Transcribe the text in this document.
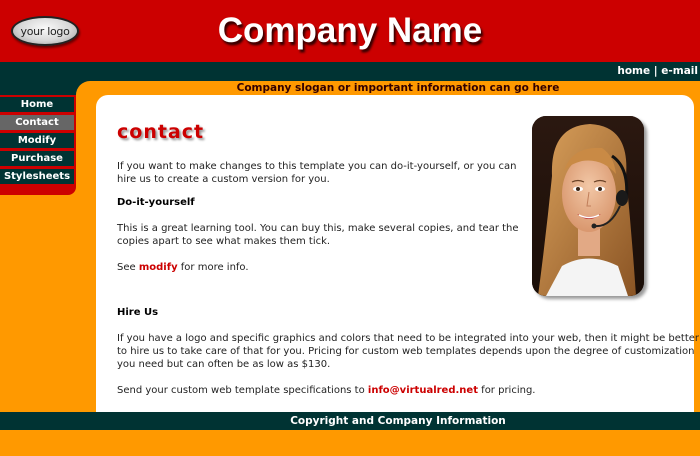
your logo	Company Name
home | e-mail
Company slogan or important information can go here
Home
Contact
Modify
Purchase
Stylesheets
contact
If you want to make changes to this template you can do-it-yourself, or you can
hire us to create a custom version for you.
Do-it-yourself
This is a great learning tool. You can buy this, make several copies, and tear the
copies apart to see what makes them tick.
See modify for more info.
Hire Us
If you have a logo and specific graphics and colors that need to be integrated into your web, then it might be better
to hire us to take care of that for you. Pricing for custom web templates depends upon the degree of customization
you need but can often be as low as $130.
Send your custom web template specifications to info@virtualred.net for pricing.
Copyright and Company Information
